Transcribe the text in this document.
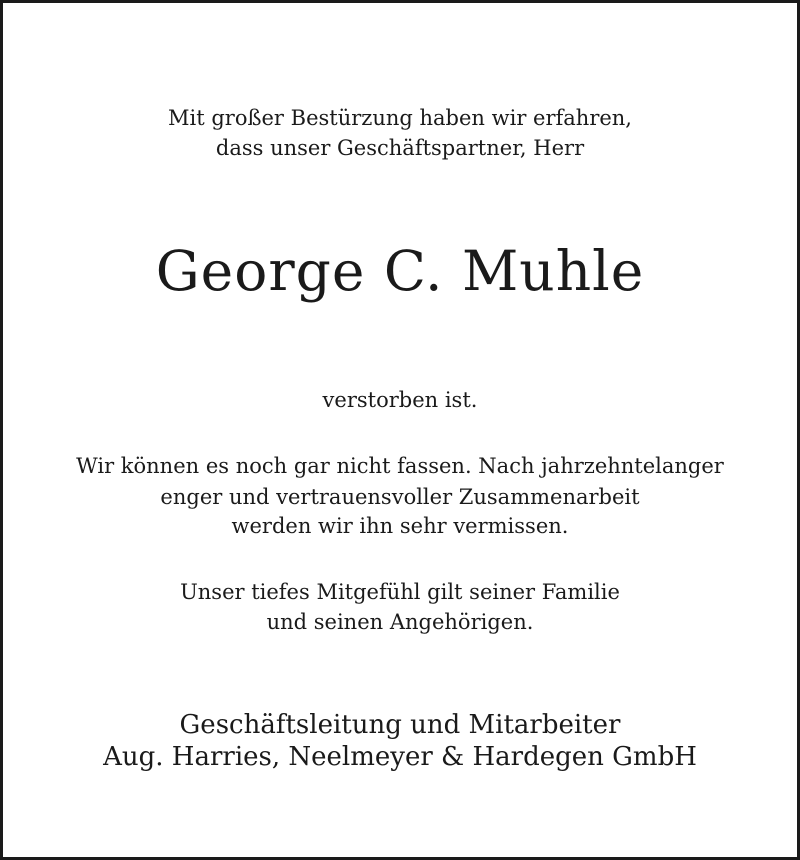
Mit großer Bestürzung haben wir erfahren,
dass unser Geschäftspartner, Herr
George C. Muhle
verstorben ist.
Wir können es noch gar nicht fassen. Nach jahrzehntelanger
enger und vertrauensvoller Zusammenarbeit
werden wir ihn sehr vermissen.
Unser tiefes Mitgefühl gilt seiner Familie
und seinen Angehörigen.
Geschäftsleitung und Mitarbeiter
Aug. Harries, Neelmeyer & Hardegen GmbH
